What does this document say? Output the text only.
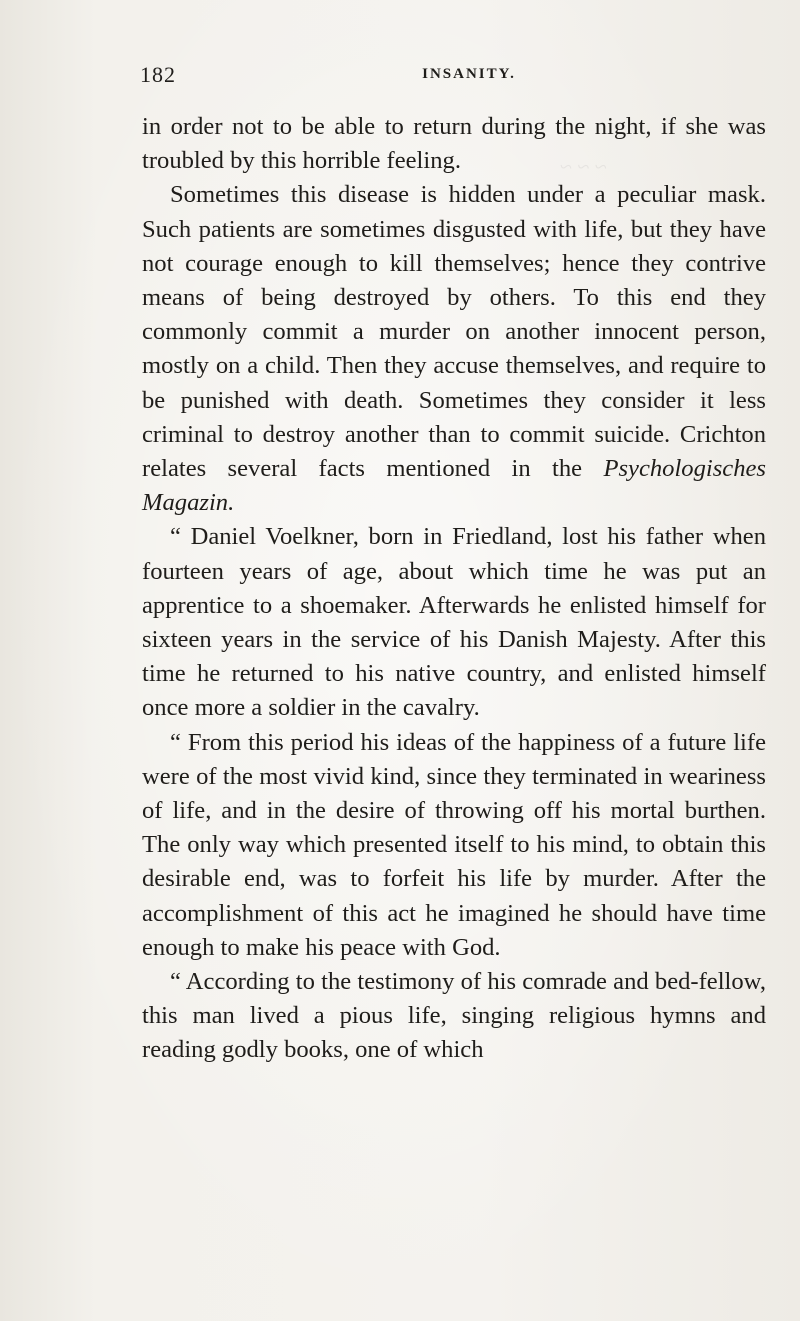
~ ~ ~
182	INSANITY.

in order not to be able to return during the night, if she was troubled by this horrible feeling.

Sometimes this disease is hidden under a peculiar mask. Such patients are sometimes disgusted with life, but they have not courage enough to kill themselves; hence they contrive means of being destroyed by others. To this end they commonly commit a murder on another innocent person, mostly on a child. Then they accuse themselves, and require to be punished with death. Sometimes they consider it less criminal to destroy another than to commit suicide. Crichton relates several facts mentioned in the Psychologisches Magazin.

“ Daniel Voelkner, born in Friedland, lost his father when fourteen years of age, about which time he was put an apprentice to a shoemaker. Afterwards he enlisted himself for sixteen years in the service of his Danish Majesty. After this time he returned to his native country, and enlisted himself once more a soldier in the cavalry.

“ From this period his ideas of the happiness of a future life were of the most vivid kind, since they terminated in weariness of life, and in the desire of throwing off his mortal burthen. The only way which presented itself to his mind, to obtain this desirable end, was to forfeit his life by murder. After the accomplishment of this act he imagined he should have time enough to make his peace with God.

“ According to the testimony of his comrade and bed-fellow, this man lived a pious life, singing religious hymns and reading godly books, one of which
